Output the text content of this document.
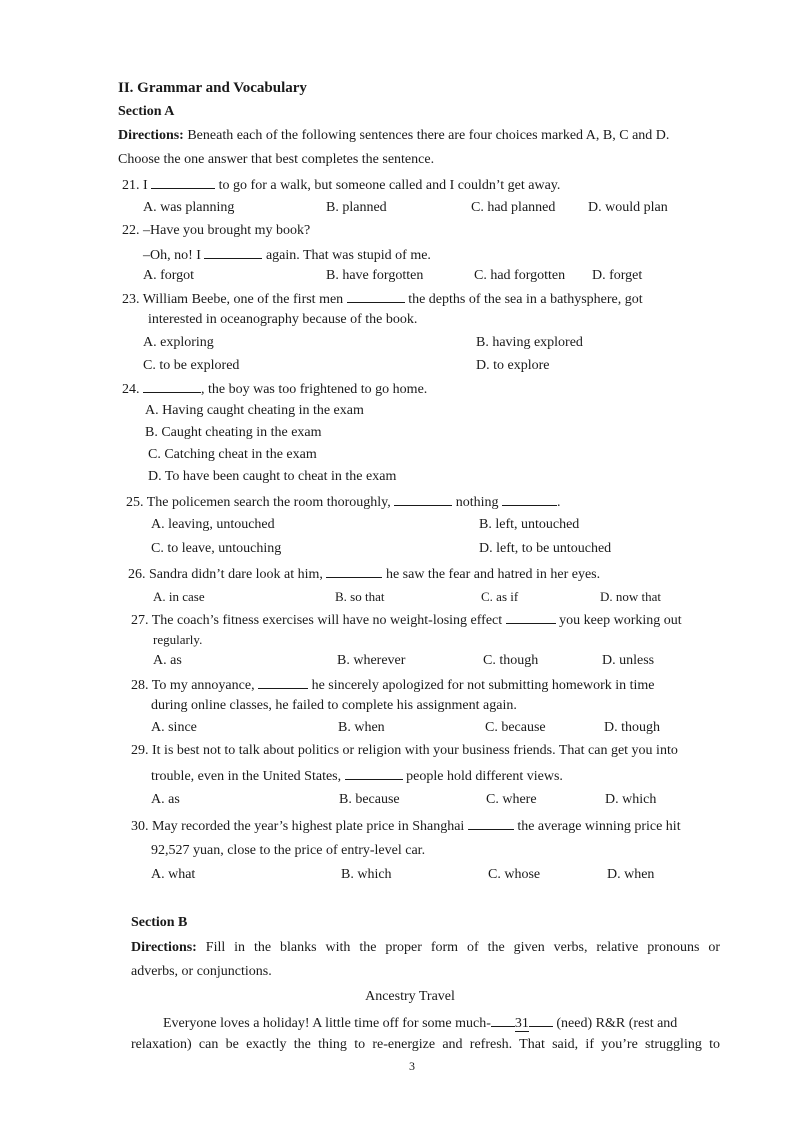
II. Grammar and Vocabulary
Section A
Directions: Beneath each of the following sentences there are four choices marked A, B, C and D.
Choose the one answer that best completes the sentence.
21. I	to go for a walk, but someone called and I couldn’t get away.
A. was planning	B. planned	C. had planned D. would plan
22. –Have you brought my book?
–Oh, no! I	again. That was stupid of me.
A. forgot	B. have forgotten	C. had forgotten D. forget
23. William Beebe, one of the first men	the depths of the sea in a bathysphere, got
interested in oceanography because of the book.
A. exploring	B. having explored
C. to be explored	D. to explore
24.	, the boy was too frightened to go home.
A. Having caught cheating in the exam
B. Caught cheating in the exam
C. Catching cheat in the exam
D. To have been caught to cheat in the exam
25. The policemen search the room thoroughly,	nothing	.
A. leaving, untouched	B. left, untouched
C. to leave, untouching	D. left, to be untouched
26. Sandra didn’t dare look at him,	he saw the fear and hatred in her eyes.
A. in case	B. so that	C. as if	D. now that
27. The coach’s fitness exercises will have no weight-losing effect	you keep working out
regularly.
A. as	B. wherever	C. though	D. unless
28. To my annoyance,	he sincerely apologized for not submitting homework in time
during online classes, he failed to complete his assignment again.
A. since	B. when	C. because	D. though
29. It is best not to talk about politics or religion with your business friends. That can get you into
trouble, even in the United States,	people hold different views.
A. as	B. because	C. where	D. which
30. May recorded the year’s highest plate price in Shanghai	the average winning price hit
92,527 yuan, close to the price of entry-level car.
A. what	B. which	C. whose	D. when
Section B
Directions: Fill in the blanks with the proper form of the given verbs, relative pronouns or
adverbs, or conjunctions.
Ancestry Travel
Everyone loves a holiday! A little time off for some much- 31 (need) R&R (rest and
relaxation) can be exactly the thing to re-energize and refresh. That said, if you’re struggling to
3
